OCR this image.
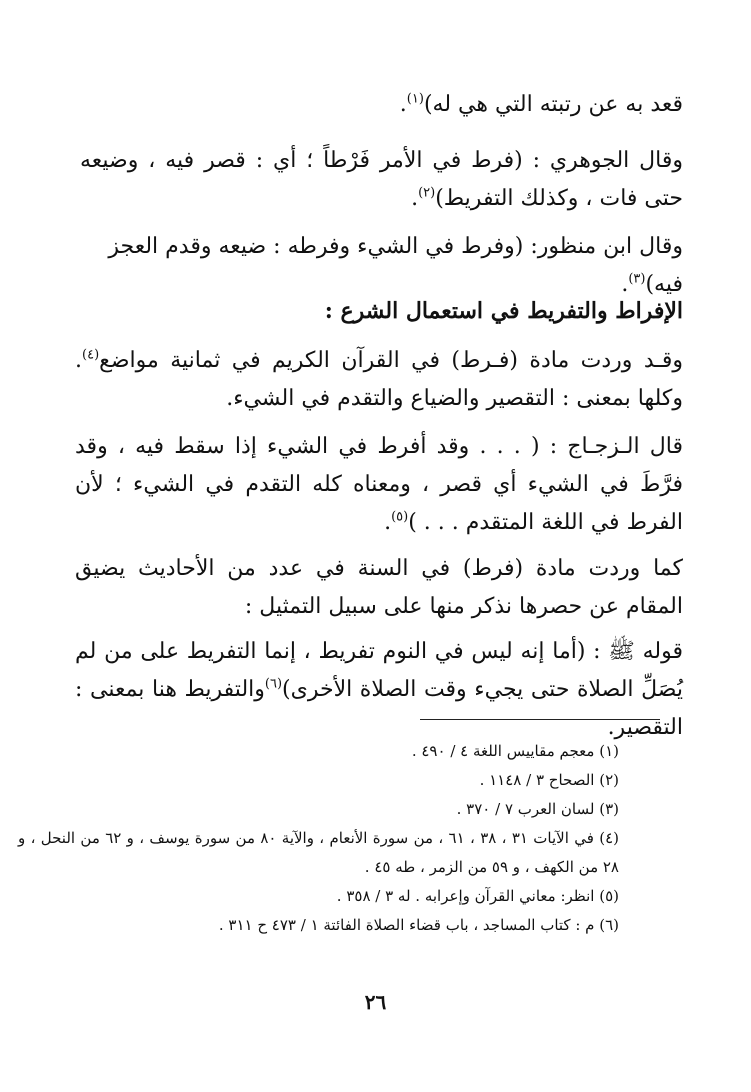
قعد به عن رتبته التي هي له)$^{(١)}$.

وقال الجوهري : (فرط في الأمر فَرْطاً ؛ أي : قصر فيه ، وضيعه حتى فات ، وكذلك التفريط)$^{(٢)}$.

وقال ابن منظور: (وفرط في الشيء وفرطه : ضيعه وقدم العجز فيه)$^{(٣)}$.

الإفراط والتفريط في استعمال الشرع :

وقـد وردت مادة (فـرط) في القرآن الكريم في ثمانية مواضع$^{(٤)}$. وكلها بمعنى : التقصير والضياع والتقدم في الشيء.

قال الـزجـاج : ( . . . وقد أفرط في الشيء إذا سقط فيه ، وقد فرَّطَ في الشيء أي قصر ، ومعناه كله التقدم في الشيء ؛ لأن الفرط في اللغة المتقدم . . . )$^{(٥)}$.

كما وردت مادة (فرط) في السنة في عدد من الأحاديث يضيق المقام عن حصرها نذكر منها على سبيل التمثيل :

قوله ﷺ : (أما إنه ليس في النوم تفريط ، إنما التفريط على من لم يُصَلِّ الصلاة حتى يجيء وقت الصلاة الأخرى)$^{(٦)}$والتفريط هنا بمعنى : التقصير.

(١) معجم مقاييس اللغة ٤ / ٤٩٠ .

(٢) الصحاح ٣ / ١١٤٨ .

(٣) لسان العرب ٧ / ٣٧٠ .

(٤) في الآيات ٣١ ، ٣٨ ، ٦١ ، من سورة الأنعام ، والآية ٨٠ من سورة يوسف ، و ٦٢ من النحل ، و ٢٨ من الكهف ، و ٥٩ من الزمر ، طه ٤٥ .

(٥) انظر: معاني القرآن وإعرابه . له ٣ / ٣٥٨ .

(٦) م : كتاب المساجد ، باب قضاء الصلاة الفائتة ١ / ٤٧٣ ح ٣١١ .

٢٦
